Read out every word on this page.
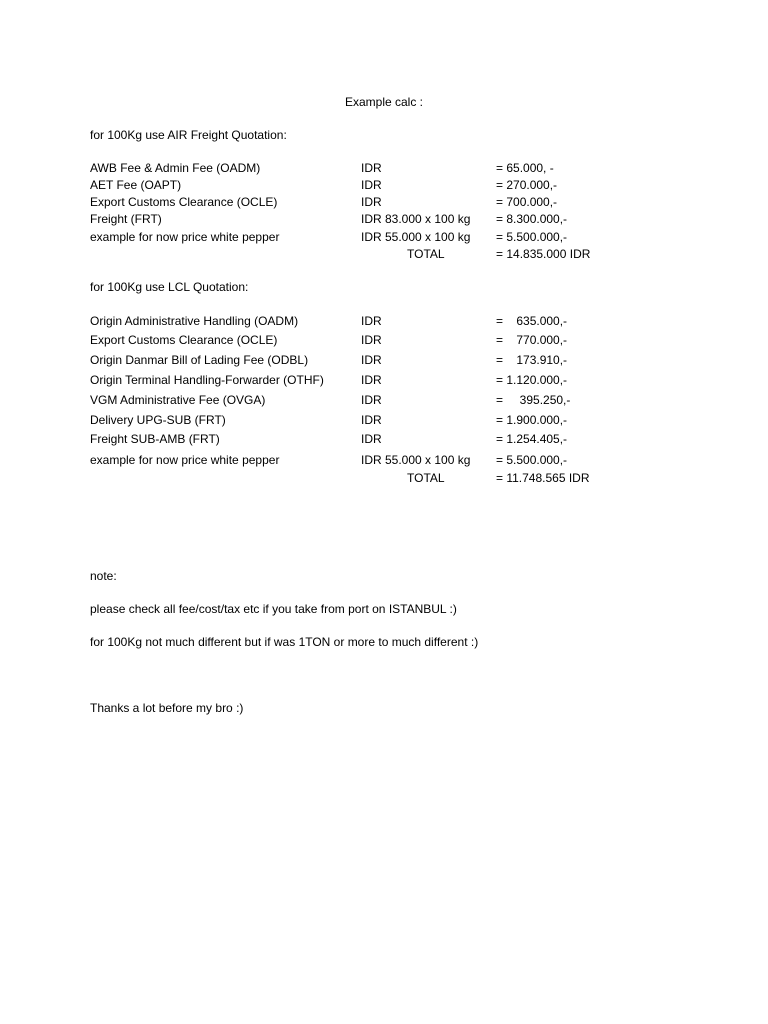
Example calc :
for 100Kg use AIR Freight Quotation:
AWB Fee & Admin Fee (OADM)	IDR	= 65.000, -
AET Fee (OAPT)	IDR	= 270.000,-
Export Customs Clearance (OCLE)	IDR	= 700.000,-
Freight (FRT)	IDR 83.000 x 100 kg = 8.300.000,-
example for now price white pepper	IDR 55.000 x 100 kg = 5.500.000,-
TOTAL	= 14.835.000 IDR
for 100Kg use LCL Quotation:
Origin Administrative Handling (OADM)	IDR	=    635.000,-
Export Customs Clearance (OCLE)	IDR	=    770.000,-
Origin Danmar Bill of Lading Fee (ODBL)	IDR	=    173.910,-
Origin Terminal Handling-Forwarder (OTHF)	IDR	= 1.120.000,-
VGM Administrative Fee (OVGA)	IDR	=     395.250,-
Delivery UPG-SUB (FRT)	IDR	= 1.900.000,-
Freight SUB-AMB (FRT)	IDR	= 1.254.405,-
example for now price white pepper	IDR 55.000 x 100 kg = 5.500.000,-
TOTAL	= 11.748.565 IDR
note:
please check all fee/cost/tax etc if you take from port on ISTANBUL :)
for 100Kg not much different but if was 1TON or more to much different :)
Thanks a lot before my bro :)
